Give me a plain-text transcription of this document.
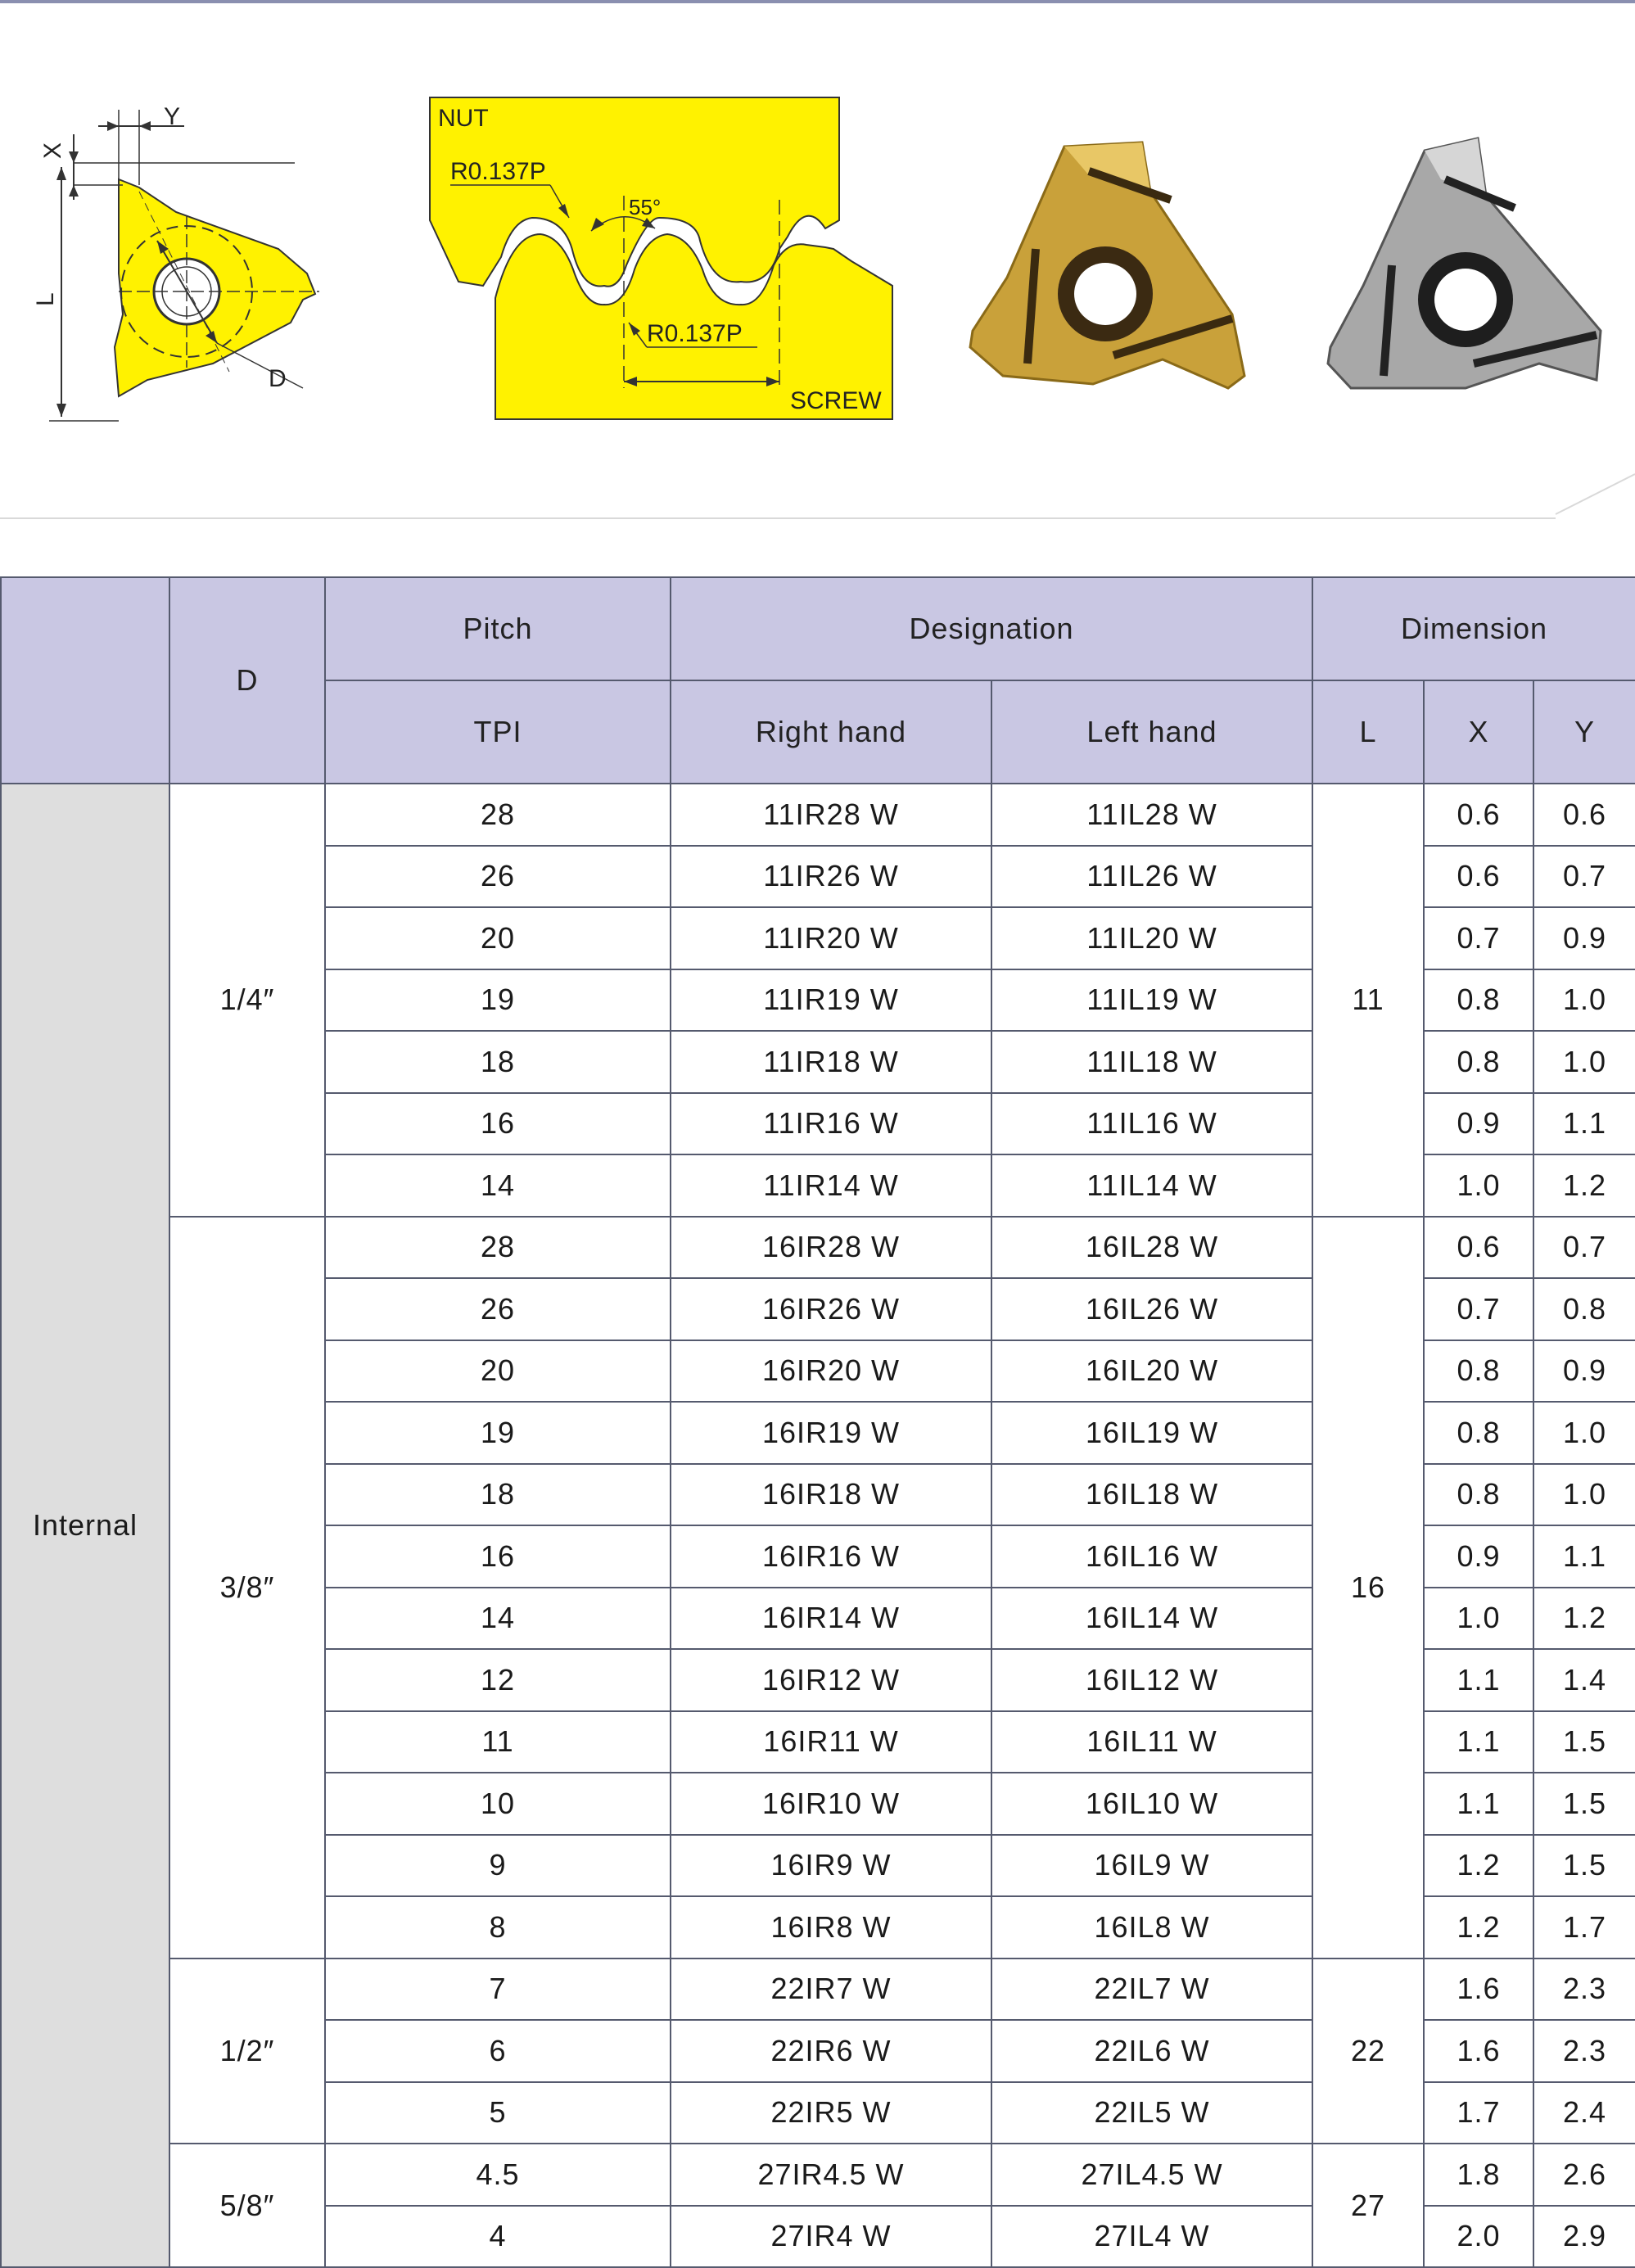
Y
X
L
D
NUT
R0.137P
55°
R0.137P
SCREW
	D	Pitch	Designation		Dimension		
		TPI	Right hand	Left hand	L	X	Y
Internal	1/4″	28	11IR28 W	11IL28 W	11	0.6	0.6
		26	11IR26 W	11IL26 W		0.6	0.7
		20	11IR20 W	11IL20 W		0.7	0.9
		19	11IR19 W	11IL19 W		0.8	1.0
		18	11IR18 W	11IL18 W		0.8	1.0
		16	11IR16 W	11IL16 W		0.9	1.1
		14	11IR14 W	11IL14 W		1.0	1.2
	3/8″	28	16IR28 W	16IL28 W	16	0.6	0.7
		26	16IR26 W	16IL26 W		0.7	0.8
		20	16IR20 W	16IL20 W		0.8	0.9
		19	16IR19 W	16IL19 W		0.8	1.0
		18	16IR18 W	16IL18 W		0.8	1.0
		16	16IR16 W	16IL16 W		0.9	1.1
		14	16IR14 W	16IL14 W		1.0	1.2
		12	16IR12 W	16IL12 W		1.1	1.4
		11	16IR11 W	16IL11 W		1.1	1.5
		10	16IR10 W	16IL10 W		1.1	1.5
		9	16IR9 W	16IL9 W		1.2	1.5
		8	16IR8 W	16IL8 W		1.2	1.7
	1/2″	7	22IR7 W	22IL7 W	22	1.6	2.3
		6	22IR6 W	22IL6 W		1.6	2.3
		5	22IR5 W	22IL5 W		1.7	2.4
	5/8″	4.5	27IR4.5 W	27IL4.5 W	27	1.8	2.6
		4	27IR4 W	27IL4 W		2.0	2.9
